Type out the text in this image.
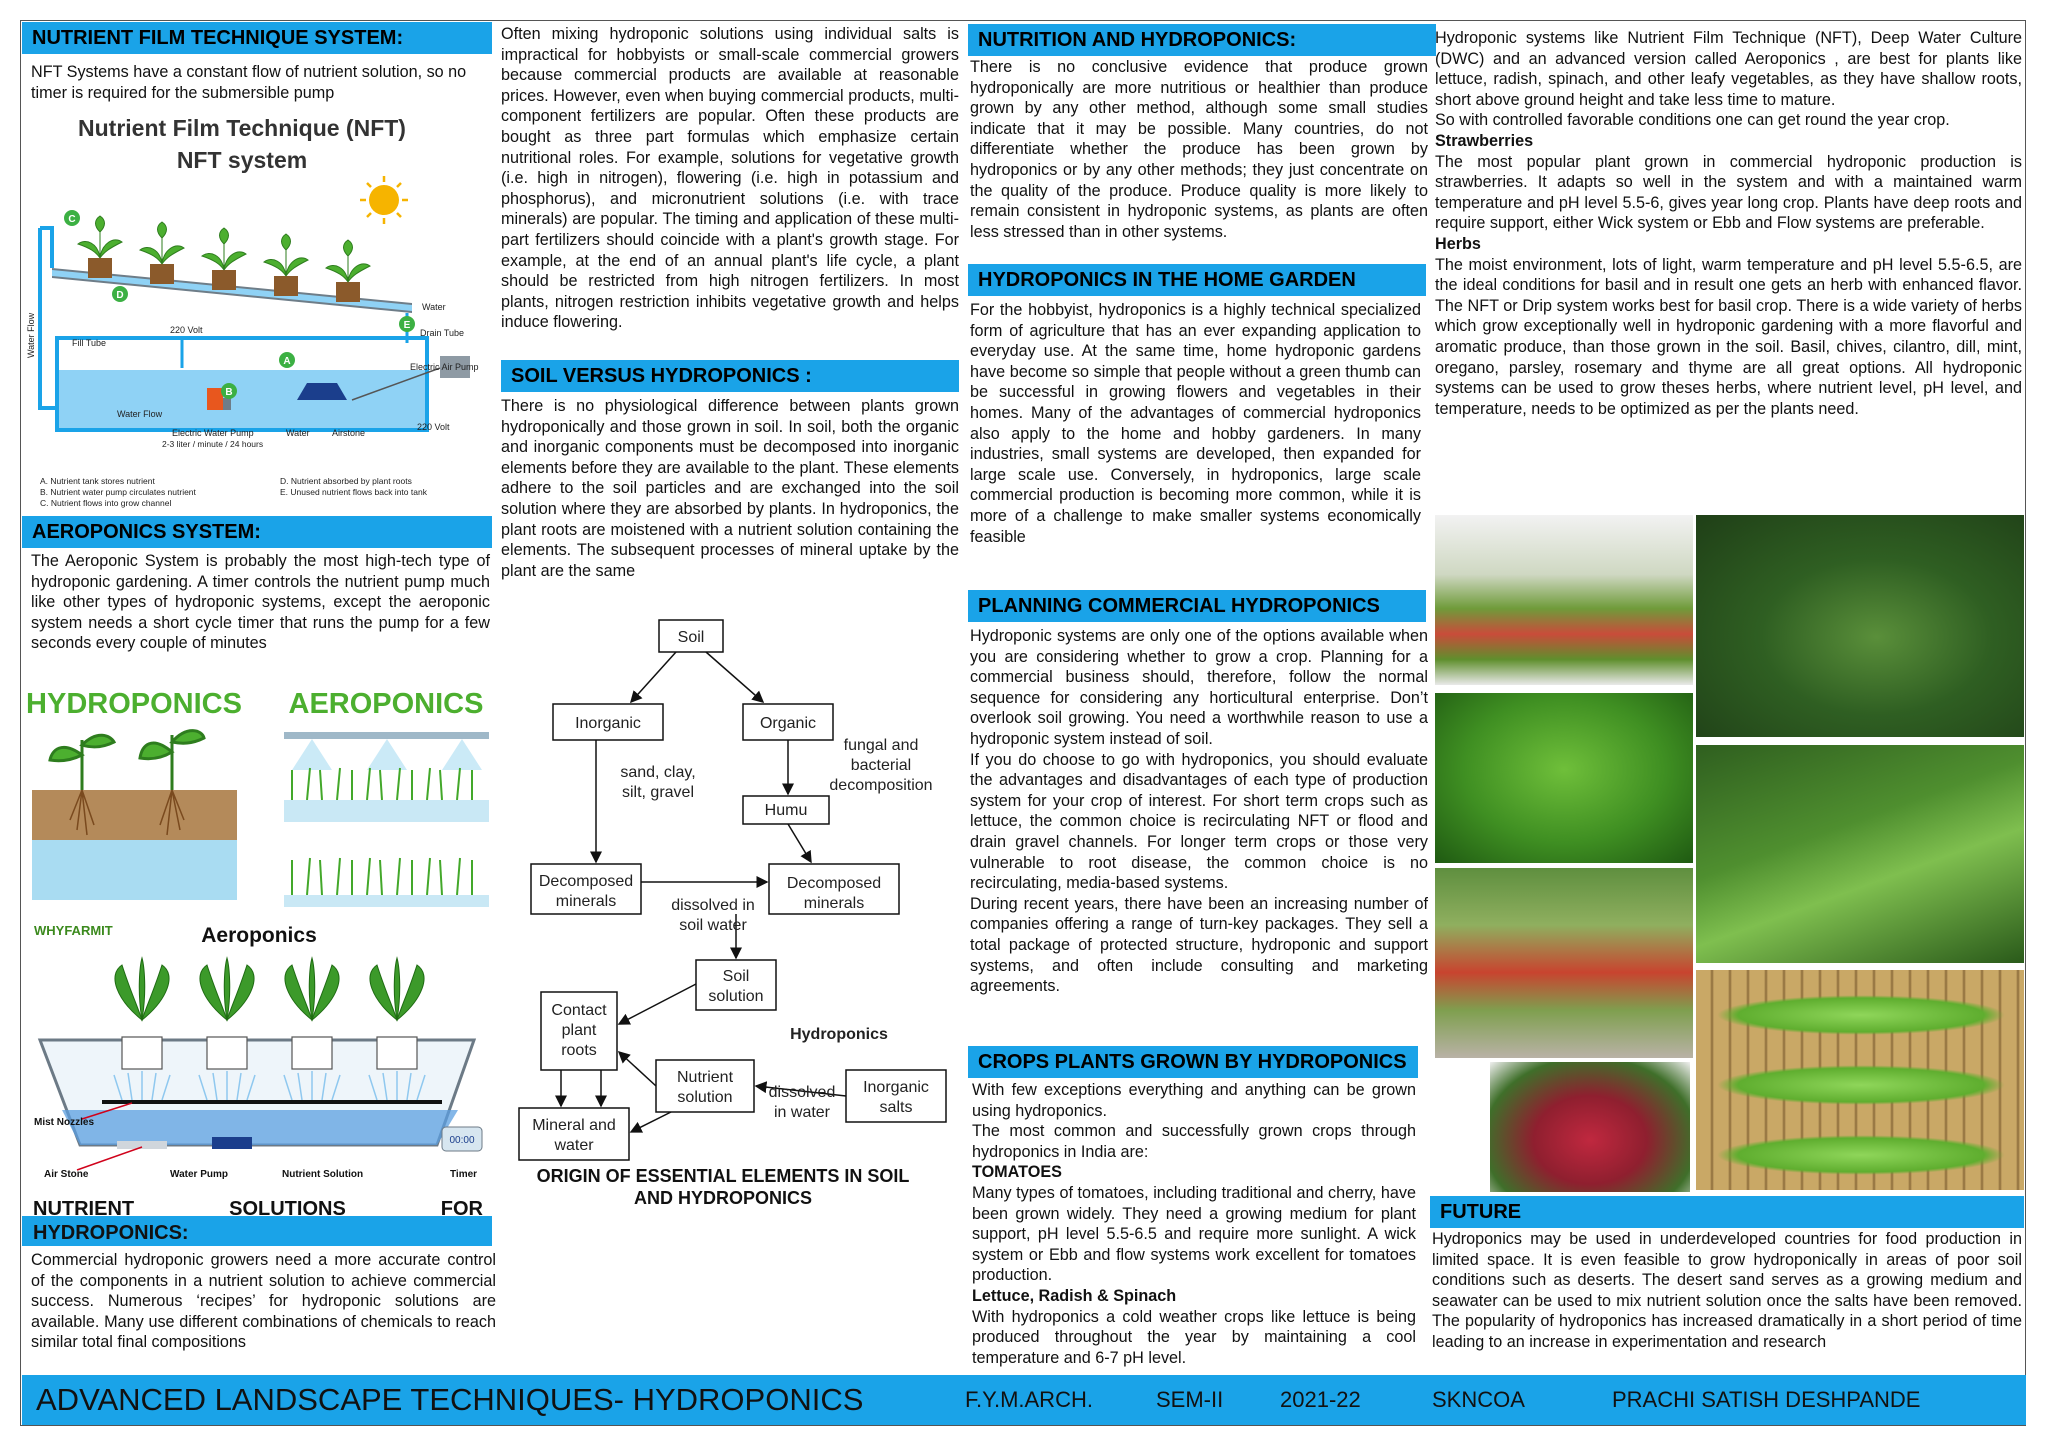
NUTRIENT FILM TECHNIQUE SYSTEM:
NFT Systems have a constant flow of nutrient solution, so no timer is required for the submersible pump
Nutrient Film Technique (NFT)
NFT system
A
B
C
D
E
Water
Drain Tube
Electric Air Pump
Fill Tube
220 Volt
220 Volt
Water Flow
Water Flow
Electric Water Pump
2-3 liter / minute / 24 hours
Water Airstone
A. Nutrient tank stores nutrient
B. Nutrient water pump circulates nutrient
C. Nutrient flows into grow channel
D. Nutrient absorbed by plant roots
E. Unused nutrient flows back into tank
AEROPONICS SYSTEM:
The Aeroponic System is probably the most high-tech type of hydroponic gardening. A timer controls the nutrient pump much like other types of hydroponic systems, except the aeroponic system needs a short cycle timer that runs the pump for a few seconds every couple of minutes
HYDROPONICS AEROPONICS
WHYFARMIT	Aeroponics
00:00
Mist Nozzles
Air Stone	Water Pump	Nutrient Solution	Timer
NUTRIENT	SOLUTIONS	FOR
HYDROPONICS:
Commercial hydroponic growers need a more accurate control of the components in a nutrient solution to achieve commercial success. Numerous ‘recipes’ for hydroponic solutions are available. Many use different combinations of chemicals to reach similar total final compositions
Often mixing hydroponic solutions using individual salts is impractical for hobbyists or small-scale commercial growers because commercial products are available at reasonable prices. However, even when buying commercial products, multi-component fertilizers are popular. Often these products are bought as three part formulas which emphasize certain nutritional roles. For example, solutions for vegetative growth (i.e. high in nitrogen), flowering (i.e. high in potassium and phosphorus), and micronutrient solutions (i.e. with trace minerals) are popular. The timing and application of these multi-part fertilizers should coincide with a plant's growth stage. For example, at the end of an annual plant's life cycle, a plant should be restricted from high nitrogen fertilizers. In most plants, nitrogen restriction inhibits vegetative growth and helps induce flowering.
SOIL VERSUS HYDROPONICS :
There is no physiological difference between plants grown hydroponically and those grown in soil. In soil, both the organic and inorganic components must be decomposed into inorganic elements before they are available to the plant. These elements adhere to the soil particles and are exchanged into the soil solution where they are absorbed by plants. In hydroponics, the plant roots are moistened with a nutrient solution containing the elements. The subsequent processes of mineral uptake by the plant are the same
Soil
Inorganic	Organic
sand, clay,
silt, gravel
fungal and
bacterial
decomposition
Humu
Decomposed
minerals
Decomposed
minerals
dissolved in
soil water
Soil
solution
Contact
plant
roots
Hydroponics
Nutrient
solution dissolved
in water
Inorganic
salts
Mineral and
water
ORIGIN OF ESSENTIAL ELEMENTS IN SOIL
AND HYDROPONICS
NUTRITION AND HYDROPONICS:
There is no conclusive evidence that produce grown hydroponically are more nutritious or healthier than produce grown by any other method, although some small studies indicate that it may be possible. Many countries, do not differentiate whether the produce has been grown by hydroponics or by any other methods; they just concentrate on the quality of the produce. Produce quality is more likely to remain consistent in hydroponic systems, as plants are often less stressed than in other systems.
HYDROPONICS IN THE HOME GARDEN
For the hobbyist, hydroponics is a highly technical specialized form of agriculture that has an ever expanding application to everyday use. At the same time, home hydroponic gardens have become so simple that people without a green thumb can be successful in growing flowers and vegetables in their homes. Many of the advantages of commercial hydroponics also apply to the home and hobby gardeners. In many industries, small systems are developed, then expanded for large scale use. Conversely, in hydroponics, large scale commercial production is becoming more common, while it is more of a challenge to make smaller systems economically feasible
PLANNING COMMERCIAL HYDROPONICS

Hydroponic systems are only one of the options available when you are considering whether to grow a crop. Planning for a commercial business should, therefore, follow the normal sequence for considering any horticultural enterprise. Don’t overlook soil growing. You need a worthwhile reason to use a hydroponic system instead of soil.

If you do choose to go with hydroponics, you should evaluate the advantages and disadvantages of each type of production system for your crop of interest. For short term crops such as lettuce, the common choice is recirculating NFT or flood and drain gravel channels. For longer term crops or those very vulnerable to root disease, the common choice is no recirculating, media-based systems.

During recent years, there have been an increasing number of companies offering a range of turn-key packages. They sell a total package of protected structure, hydroponic and support systems, and often include consulting and marketing agreements.

CROPS PLANTS GROWN BY HYDROPONICS

With few exceptions everything and anything can be grown using hydroponics.

The most common and successfully grown crops through hydroponics in India are:

TOMATOES

Many types of tomatoes, including traditional and cherry, have been grown widely. They need a growing medium for plant support, pH level 5.5-6.5 and require more sunlight. A wick system or Ebb and flow systems work excellent for tomatoes production.

Lettuce, Radish & Spinach

With hydroponics a cold weather crops like lettuce is being produced throughout the year by maintaining a cool temperature and 6-7 pH level.

Hydroponic systems like Nutrient Film Technique (NFT), Deep Water Culture (DWC) and an advanced version called Aeroponics , are best for plants like lettuce, radish, spinach, and other leafy vegetables, as they have shallow roots, short above ground height and take less time to mature.

So with controlled favorable conditions one can get round the year crop.

Strawberries

The most popular plant grown in commercial hydroponic production is strawberries. It adapts so well in the system and with a maintained warm temperature and pH level 5.5-6, gives year long crop. Plants have deep roots and require support, either Wick system or Ebb and Flow systems are preferable.

Herbs

The moist environment, lots of light, warm temperature and pH level 5.5-6.5, are the ideal conditions for basil and in result one gets an herb with enhanced flavor. The NFT or Drip system works best for basil crop. There is a wide variety of herbs which grow exceptionally well in hydroponic gardening with a more flavorful and aromatic produce, than those grown in the soil. Basil, chives, cilantro, dill, mint, oregano, parsley, rosemary and thyme are all great options. All hydroponic systems can be used to grow theses herbs, where nutrient level, pH level, and temperature, needs to be optimized as per the plants need.

FUTURE
Hydroponics may be used in underdeveloped countries for food production in limited space. It is even feasible to grow hydroponically in areas of poor soil conditions such as deserts. The desert sand serves as a growing medium and seawater can be used to mix nutrient solution once the salts have been removed. The popularity of hydroponics has increased dramatically in a short period of time leading to an increase in experimentation and research
ADVANCED LANDSCAPE TECHNIQUES- HYDROPONICS	F.Y.M.ARCH.	SEM-II	2021-22	SKNCOA	PRACHI SATISH DESHPANDE
